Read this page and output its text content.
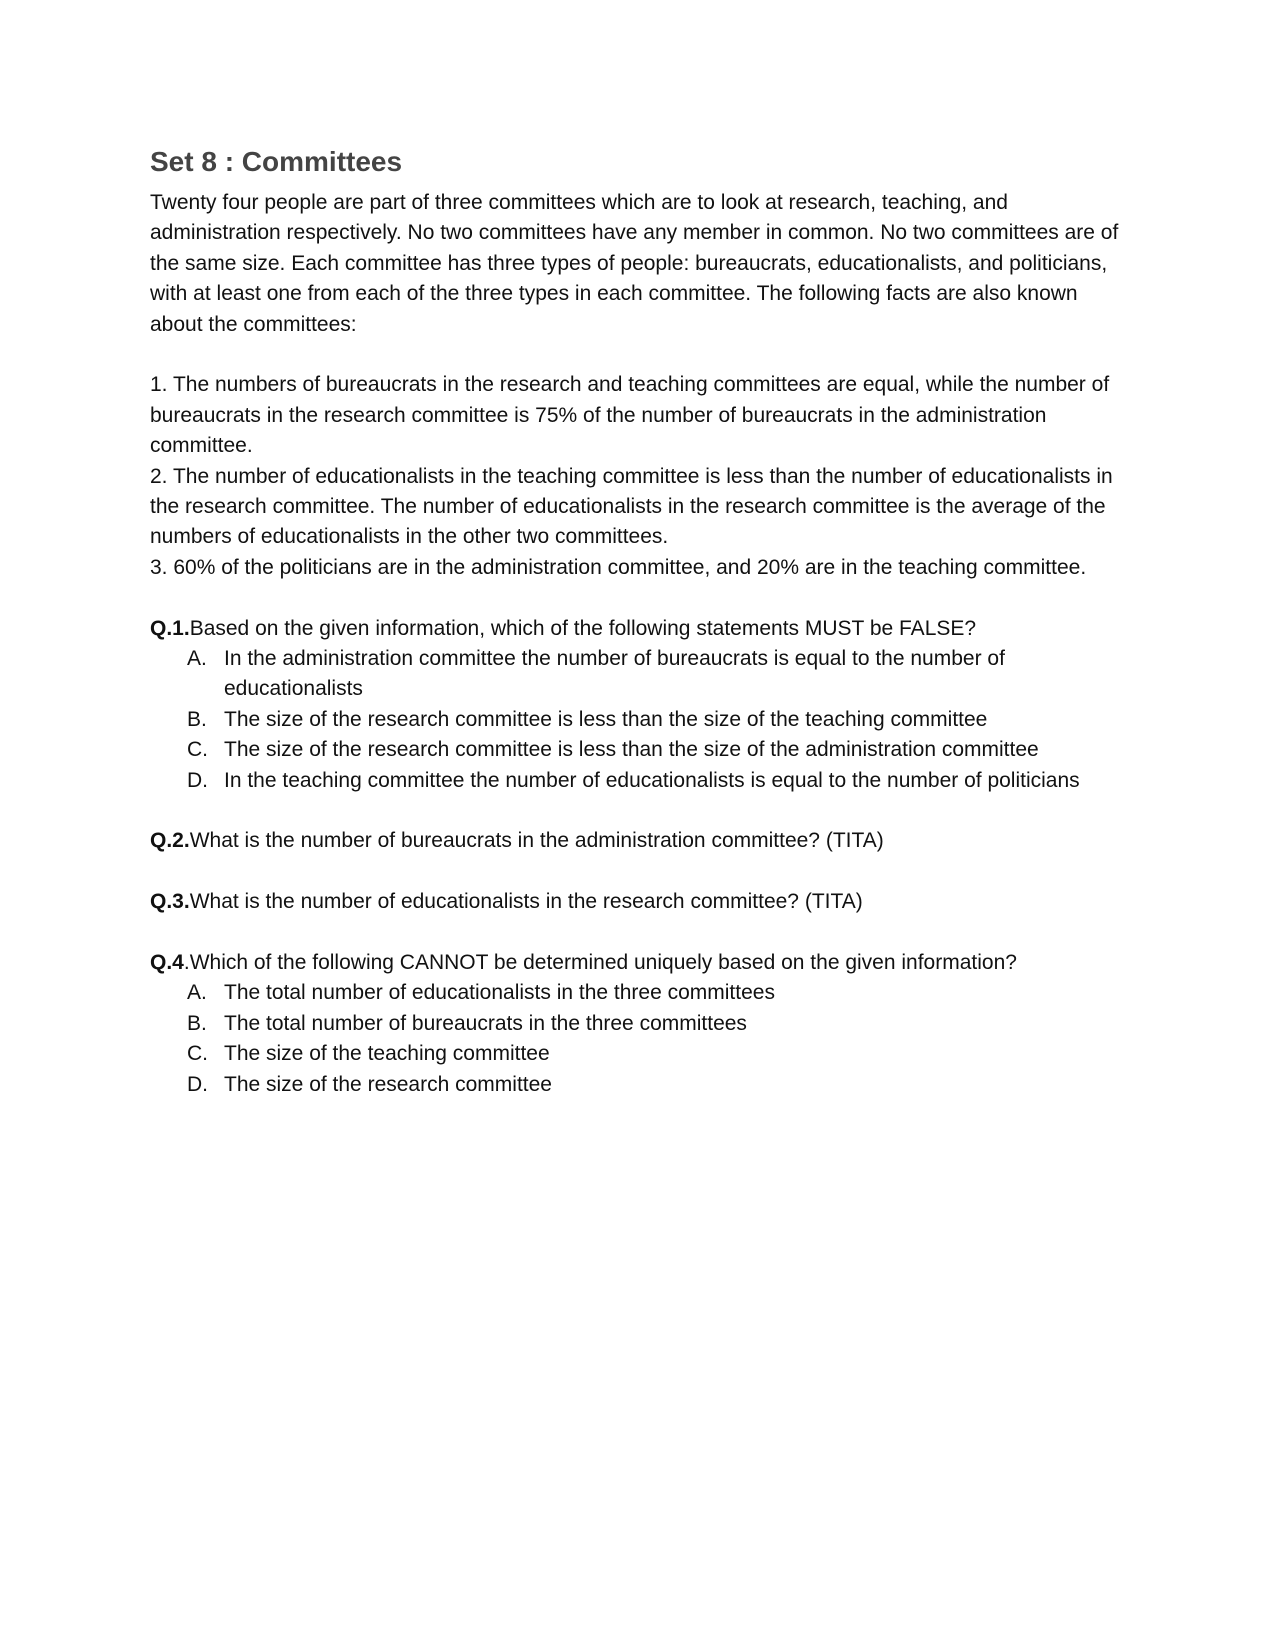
Set 8 : Committees

Twenty four people are part of three committees which are to look at research, teaching, and administration respectively. No two committees have any member in common. No two committees are of the same size. Each committee has three types of people: bureaucrats, educationalists, and politicians, with at least one from each of the three types in each committee. The following facts are also known about the committees:

1. The numbers of bureaucrats in the research and teaching committees are equal, while the number of bureaucrats in the research committee is 75% of the number of bureaucrats in the administration committee.

2. The number of educationalists in the teaching committee is less than the number of educationalists in the research committee. The number of educationalists in the research committee is the average of the numbers of educationalists in the other two committees.

3. 60% of the politicians are in the administration committee, and 20% are in the teaching committee.

Q.1.Based on the given information, which of the following statements MUST be FALSE?

A. In the administration committee the number of bureaucrats is equal to the number of educationalists
B. The size of the research committee is less than the size of the teaching committee
C. The size of the research committee is less than the size of the administration committee
D. In the teaching committee the number of educationalists is equal to the number of politicians

Q.2.What is the number of bureaucrats in the administration committee? (TITA)

Q.3.What is the number of educationalists in the research committee? (TITA)

Q.4.Which of the following CANNOT be determined uniquely based on the given information?

A. The total number of educationalists in the three committees
B. The total number of bureaucrats in the three committees
C. The size of the teaching committee
D. The size of the research committee
